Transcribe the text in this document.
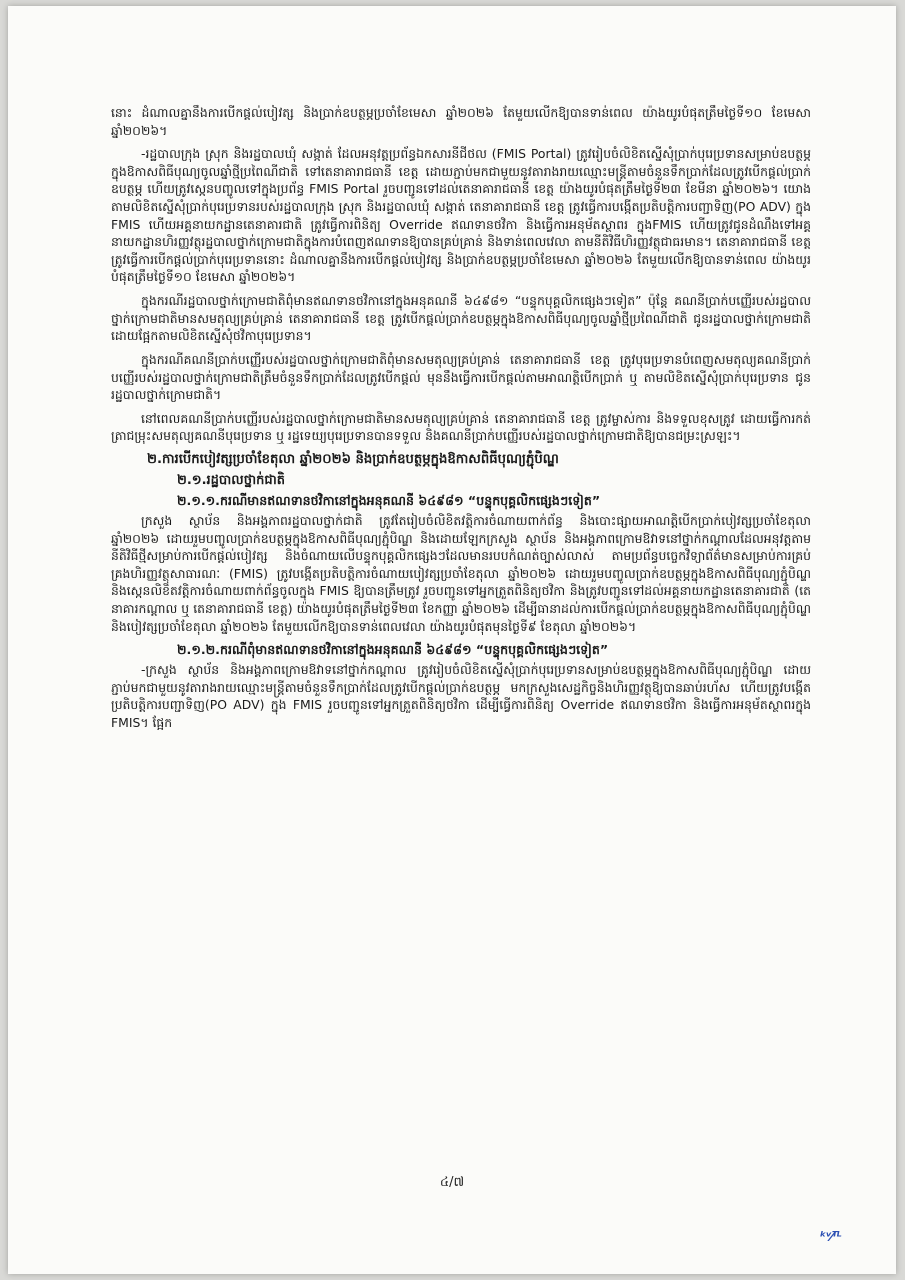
នោះ ដំណាលគ្នានឹងការបើកផ្តល់បៀវត្ស និងប្រាក់ឧបត្ថម្ភប្រចាំខែមេសា ឆ្នាំ២០២៦ តែមួយលើកឱ្យបានទាន់ពេល យ៉ាងយូរបំផុតត្រឹមថ្ងៃទី១០ ខែមេសា ឆ្នាំ២០២៦។

-រដ្ឋបាលក្រុង ស្រុក និងរដ្ឋបាលឃុំ សង្កាត់ ដែលអនុវត្តប្រព័ន្ធឯកសារនីជីថល (FMIS Portal) ត្រូវរៀបចំលិខិតស្នើសុំប្រាក់បុរេប្រទានសម្រាប់ឧបត្ថម្ភក្នុងឱកាសពិធីបុណ្យចូលឆ្នាំថ្មីប្រពៃណីជាតិ ទៅតេនាគារាជធានី ខេត្ត ដោយភ្ជាប់មកជាមួយនូវតារាងរាយឈ្មោះមន្ត្រីតាមចំនួនទឹកប្រាក់ដែលត្រូវបើកផ្តល់ប្រាក់ឧបត្ថម្ភ ហើយត្រូវស្កេនបញ្ចូលទៅក្នុងប្រព័ន្ធ FMIS Portal រួចបញ្ជូនទៅដល់តេនាគារាជធានី ខេត្ត យ៉ាងយូរបំផុតត្រឹមថ្ងៃទី២៣ ខែមីនា ឆ្នាំ២០២៦។ យោងតាមលិខិតស្នើសុំប្រាក់បុរេប្រទានរបស់រដ្ឋបាលក្រុង ស្រុក និងរដ្ឋបាលឃុំ សង្កាត់ តេនាគារាជធានី ខេត្ត ត្រូវធ្វើការបង្កើតប្រតិបត្តិការបញ្ជាទិញ(PO ADV) ក្នុង FMIS ហើយអគ្គនាយកដ្ឋានតេនាគារជាតិ ត្រូវធ្វើការពិនិត្យ Override ឥណទានថវិកា និងធ្វើការអនុម័តស្ថាពរ ក្នុងFMIS ហើយត្រូវជូនដំណឹងទៅអគ្គនាយកដ្ឋានហិរញ្ញវត្ថុរដ្ឋបាលថ្នាក់ក្រោមជាតិក្នុងការបំពេញឥណទានឱ្យបានគ្រប់គ្រាន់ និងទាន់ពេលវេលា តាមនីតិវិធីហិរញ្ញវត្ថុជាធរមាន។ តេនាគារាជធានី ខេត្ត ត្រូវធ្វើការបើកផ្តល់ប្រាក់បុរេប្រទាននោះ ដំណាលគ្នានឹងការបើកផ្តល់បៀវត្ស និងប្រាក់ឧបត្ថម្ភប្រចាំខែមេសា ឆ្នាំ២០២៦ តែមួយលើកឱ្យបានទាន់ពេល យ៉ាងយូរបំផុតត្រឹមថ្ងៃទី១០ ខែមេសា ឆ្នាំ២០២៦។

ក្នុងករណីរដ្ឋបាលថ្នាក់ក្រោមជាតិពុំមានឥណទានថវិកានៅក្នុងអនុគណនី ៦៤៩៨១ “បន្ទុកបុគ្គលិកផ្សេងៗទៀត” ប៉ុន្តែ គណនីប្រាក់បញ្ញើរបស់រដ្ឋបាលថ្នាក់ក្រោមជាតិមានសមតុល្យគ្រប់គ្រាន់ តេនាគារាជធានី ខេត្ត ត្រូវបើកផ្តល់ប្រាក់ឧបត្ថម្ភក្នុងឱកាសពិធីបុណ្យចូលឆ្នាំថ្មីប្រពៃណីជាតិ ជូនរដ្ឋបាលថ្នាក់ក្រោមជាតិ ដោយផ្អែកតាមលិខិតស្នើសុំថវិកាបុរេប្រទាន។

ក្នុងករណីគណនីប្រាក់បញ្ញើរបស់រដ្ឋបាលថ្នាក់ក្រោមជាតិពុំមានសមតុល្យគ្រប់គ្រាន់ តេនាគារាជធានី ខេត្ត ត្រូវបុរេប្រទានបំពេញសមតុល្យគណនីប្រាក់បញ្ញើរបស់រដ្ឋបាលថ្នាក់ក្រោមជាតិត្រឹមចំនួនទឹកប្រាក់ដែលត្រូវបើកផ្តល់ មុននឹងធ្វើការបើកផ្តល់តាមអាណត្តិបើកប្រាក់ ឬ តាមលិខិតស្នើសុំប្រាក់បុរេប្រទាន ជូនរដ្ឋបាលថ្នាក់ក្រោមជាតិ។

នៅពេលគណនីប្រាក់បញ្ញើរបស់រដ្ឋបាលថ្នាក់ក្រោមជាតិមានសមតុល្យគ្រប់គ្រាន់ តេនាគារាជធានី ខេត្ត ត្រូវម្ចាស់ការ និងទទួលខុសត្រូវ ដោយធ្វើការកត់ត្រាជម្រុះសមតុល្យគណនីបុរេប្រទាន ឬ រដ្ឋទេយ្យបុរេប្រទានបានទទួល និងគណនីប្រាក់បញ្ញើរបស់រដ្ឋបាលថ្នាក់ក្រោមជាតិឱ្យបានជម្រះស្រឡះ។

២.ការបើកបៀវត្សប្រចាំខែតុលា ឆ្នាំ២០២៦ និងប្រាក់ឧបត្ថម្ភក្នុងឱកាសពិធីបុណ្យភ្ជុំបិណ្ឌ
២.១.រដ្ឋបាលថ្នាក់ជាតិ
២.១.១.ករណីមានឥណទានថវិកានៅក្នុងអនុគណនី ៦៤៩៨១ “បន្ទុកបុគ្គលិកផ្សេងៗទៀត”

ក្រសួង ស្ថាប័ន និងអង្គភាពរដ្ឋបាលថ្នាក់ជាតិ ត្រូវតែរៀបចំលិខិតវត្តិការចំណាយពាក់ព័ន្ធ និងបោះផ្សាយអាណត្តិបើកប្រាក់បៀវត្សប្រចាំខែតុលា ឆ្នាំ២០២៦ ដោយរួមបញ្ចូលប្រាក់ឧបត្ថម្ភក្នុងឱកាសពិធីបុណ្យភ្ជុំបិណ្ឌ និងដោយឡែកក្រសួង ស្ថាប័ន និងអង្គភាពក្រោមឱវាទនៅថ្នាក់កណ្តាលដែលអនុវត្តតាមនីតិវិធីថ្មីសម្រាប់ការបើកផ្តល់បៀវត្ស និងចំណាយលើបន្ទុកបុគ្គលិកផ្សេងៗដែលមានរបបកំណត់ច្បាស់លាស់ តាមប្រព័ន្ធបច្ចេកវិទ្យាព័ត៌មានសម្រាប់ការគ្រប់គ្រងហិរញ្ញវត្ថុសាធារណៈ (FMIS) ត្រូវបង្កើតប្រតិបត្តិការចំណាយបៀវត្សប្រចាំខែតុលា ឆ្នាំ២០២៦ ដោយរួមបញ្ចូលប្រាក់ឧបត្ថម្ភក្នុងឱកាសពិធីបុណ្យភ្ជុំបិណ្ឌ និងស្កេនលិខិតវត្តិការចំណាយពាក់ព័ន្ធចូលក្នុង FMIS ឱ្យបានត្រឹមត្រូវ រួចបញ្ជូនទៅអ្នកត្រួតពិនិត្យថវិកា និងត្រូវបញ្ជូនទៅដល់អគ្គនាយកដ្ឋានតេនាគារជាតិ (តេនាគារកណ្តាល ឬ តេនាគារាជធានី ខេត្ត) យ៉ាងយូរបំផុតត្រឹមថ្ងៃទី២៣ ខែកញ្ញា ឆ្នាំ២០២៦ ដើម្បីធានាដល់ការបើកផ្តល់ប្រាក់ឧបត្ថម្ភក្នុងឱកាសពិធីបុណ្យភ្ជុំបិណ្ឌ និងបៀវត្សប្រចាំខែតុលា ឆ្នាំ២០២៦ តែមួយលើកឱ្យបានទាន់ពេលវេលា យ៉ាងយូរបំផុតមុនថ្ងៃទី៩ ខែតុលា ឆ្នាំ២០២៦។

២.១.២.ករណីពុំមានឥណទានថវិកានៅក្នុងអនុគណនី ៦៤៩៨១ “បន្ទុកបុគ្គលិកផ្សេងៗទៀត”

-ក្រសួង ស្ថាប័ន និងអង្គភាពក្រោមឱវាទនៅថ្នាក់កណ្តាល ត្រូវរៀបចំលិខិតស្នើសុំប្រាក់បុរេប្រទានសម្រាប់ឧបត្ថម្ភក្នុងឱកាសពិធីបុណ្យភ្ជុំបិណ្ឌ ដោយភ្ជាប់មកជាមួយនូវតារាងរាយឈ្មោះមន្ត្រីតាមចំនួនទឹកប្រាក់ដែលត្រូវបើកផ្តល់ប្រាក់ឧបត្ថម្ភ មកក្រសួងសេដ្ឋកិច្ចនិងហិរញ្ញវត្ថុឱ្យបានឆាប់រហ័ស ហើយត្រូវបង្កើតប្រតិបត្តិការបញ្ជាទិញ(PO ADV) ក្នុង FMIS រួចបញ្ជូនទៅអ្នកត្រួតពិនិត្យថវិកា ដើម្បីធ្វើការពិនិត្យ Override ឥណទានថវិកា និងធ្វើការអនុម័តស្ថាពរក្នុង FMIS។ ផ្អែក

៤/៧
ᵏᵛ⁄ᵀᴸ
